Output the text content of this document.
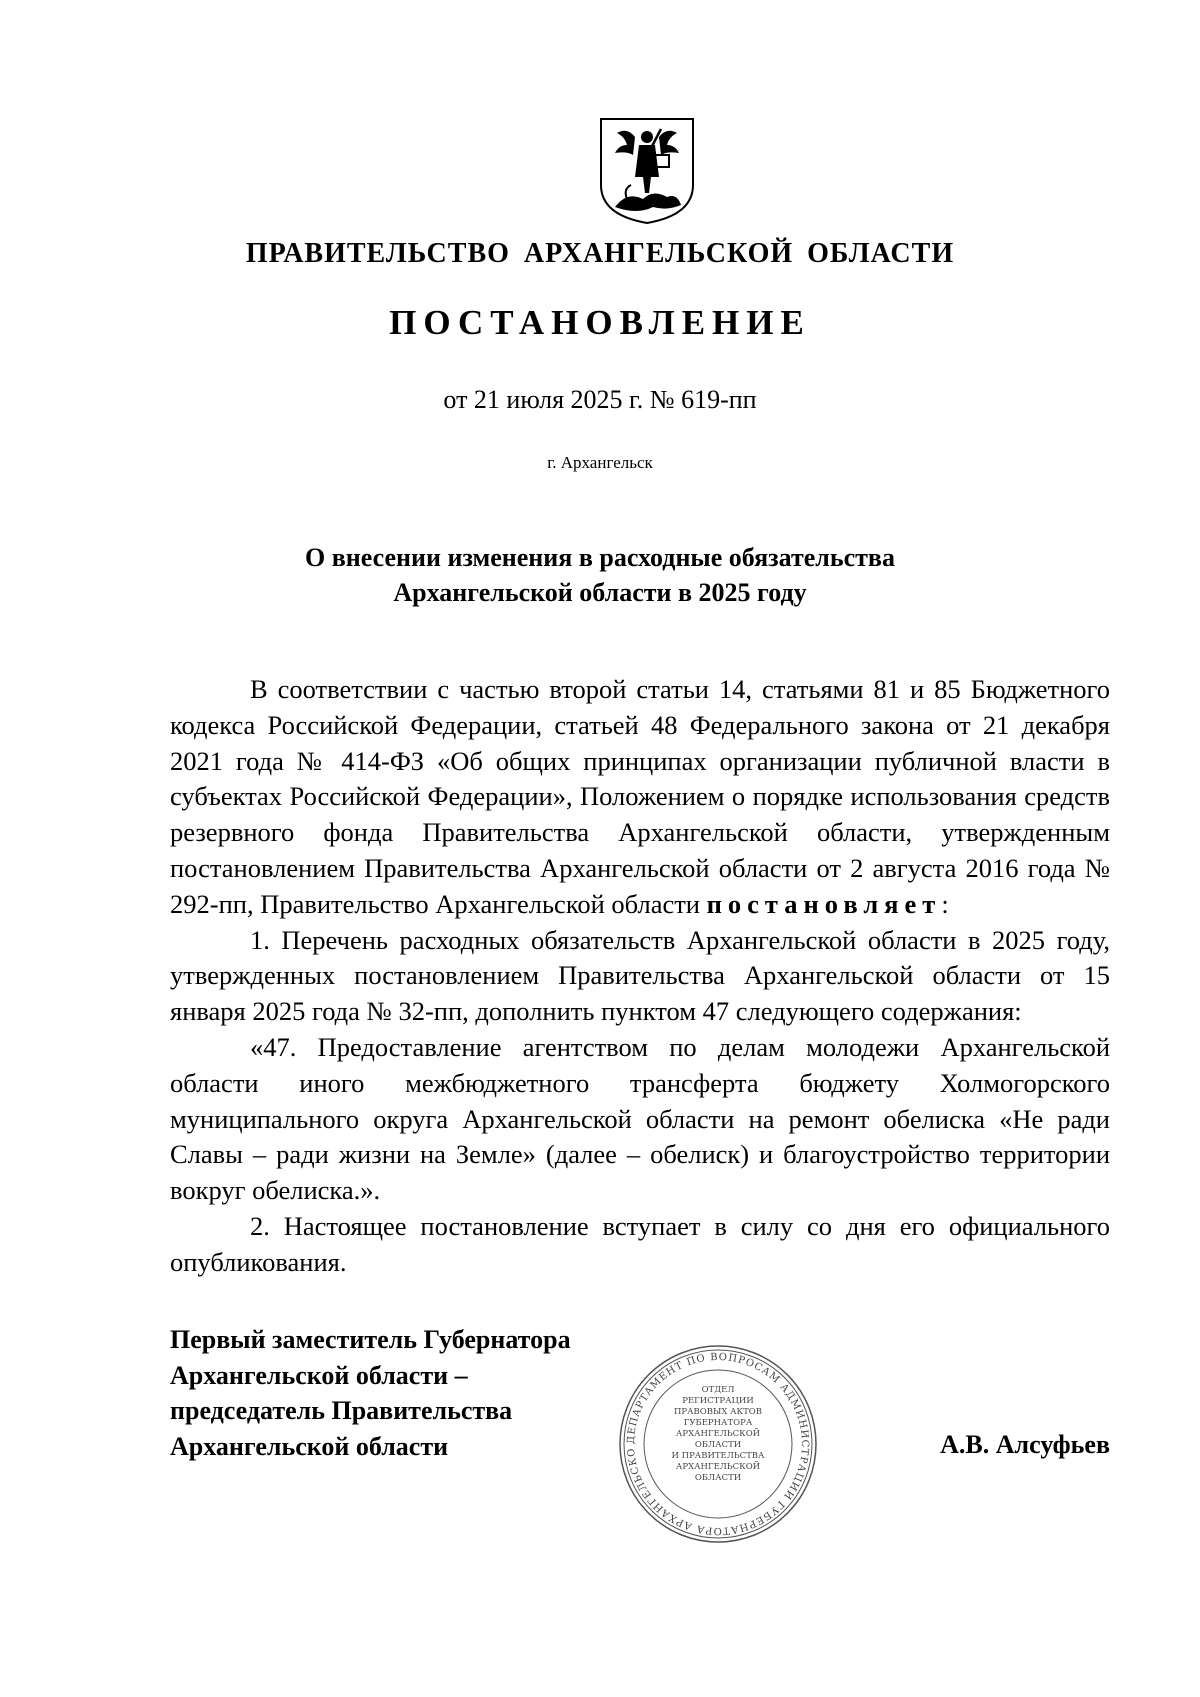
ПРАВИТЕЛЬСТВО АРХАНГЕЛЬСКОЙ ОБЛАСТИ
ПОСТАНОВЛЕНИЕ
от 21 июля 2025 г. № 619-пп
г. Архангельск
О внесении изменения в расходные обязательства
Архангельской области в 2025 году

В соответствии с частью второй статьи 14, статьями 81 и 85 Бюджетного кодекса Российской Федерации, статьей 48 Федерального закона от 21 декабря 2021 года № 414-ФЗ «Об общих принципах организации публичной власти в субъектах Российской Федерации», Положением о порядке использования средств резервного фонда Правительства Архангельской области, утвержденным постановлением Правительства Архангельской области от 2 августа 2016 года № 292-пп, Правительство Архангельской области постановляет:

1. Перечень расходных обязательств Архангельской области в 2025 году, утвержденных постановлением Правительства Архангельской области от 15 января 2025 года № 32-пп, дополнить пунктом 47 следующего содержания:

«47. Предоставление агентством по делам молодежи Архангельской области иного межбюджетного трансферта бюджету Холмогорского муниципального округа Архангельской области на ремонт обелиска «Не ради Славы – ради жизни на Земле» (далее – обелиск) и благоустройство территории вокруг обелиска.».

2. Настоящее постановление вступает в силу со дня его официального опубликования.

Первый заместитель Губернатора
Архангельской области –
председатель Правительства
Архангельской области	ДЕПАРТАМЕНТ ПО ВОПРОСАМ АДМИНИСТРАЦИИ ГУБЕРНАТОРА АРХАНГЕЛЬСКО
ОТДЕЛ
РЕГИСТРАЦИИ
ПРАВОВЫХ АКТОВ
ГУБЕРНАТОРА
АРХАНГЕЛЬСКОЙ
ОБЛАСТИ
И ПРАВИТЕЛЬСТВА
АРХАНГЕЛЬСКОЙ
ОБЛАСТИ
А.В. Алсуфьев
